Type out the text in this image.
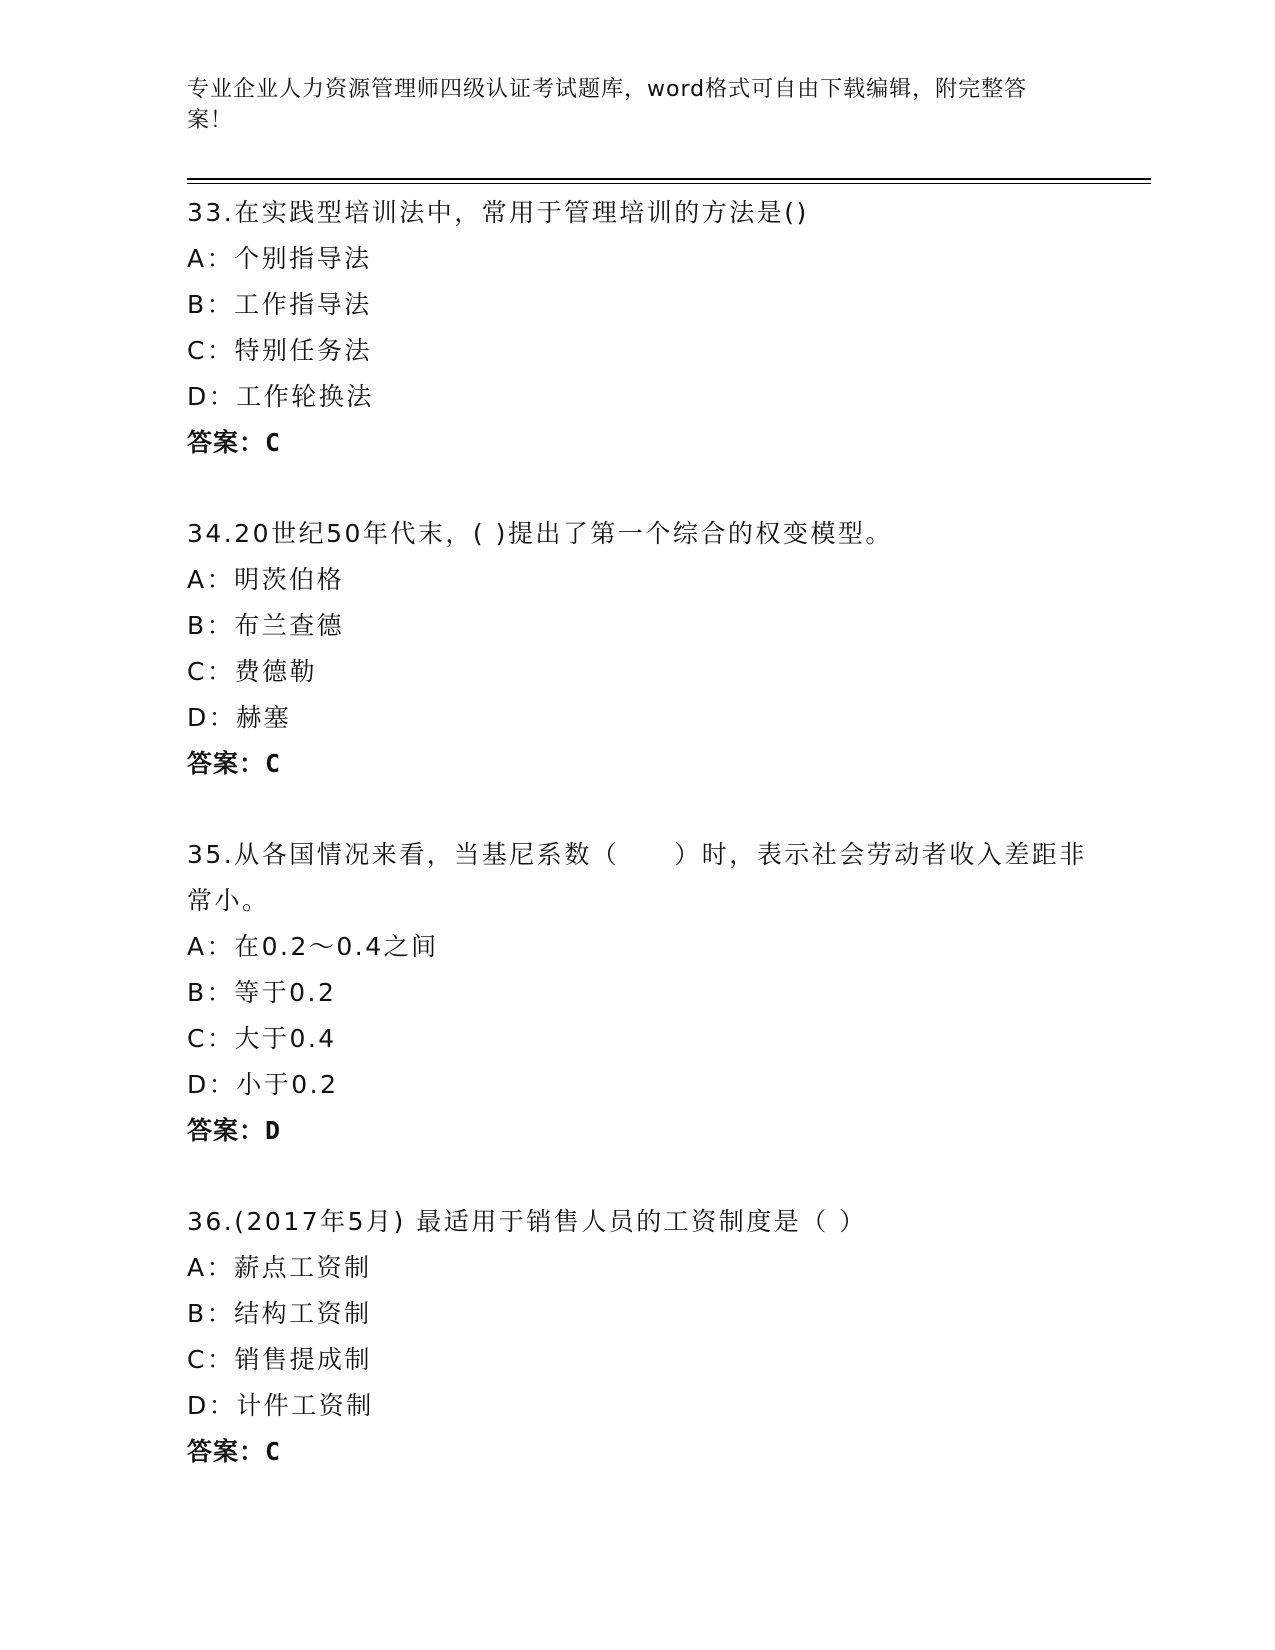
专业企业人力资源管理师四级认证考试题库，word格式可自由下载编辑，附完整答案！

33.在实践型培训法中，常用于管理培训的方法是()

A：个别指导法

B：工作指导法

C：特别任务法

D：工作轮换法

答案：C

34.20世纪50年代末，( )提出了第一个综合的权变模型。

A：明茨伯格

B：布兰查德

C：费德勒

D：赫塞

答案：C

35.从各国情况来看，当基尼系数（　　）时，表示社会劳动者收入差距非常小。

A：在0.2～0.4之间

B：等于0.2

C：大于0.4

D：小于0.2

答案：D

36.(2017年5月) 最适用于销售人员的工资制度是（ ）

A：薪点工资制

B：结构工资制

C：销售提成制

D：计件工资制

答案：C
